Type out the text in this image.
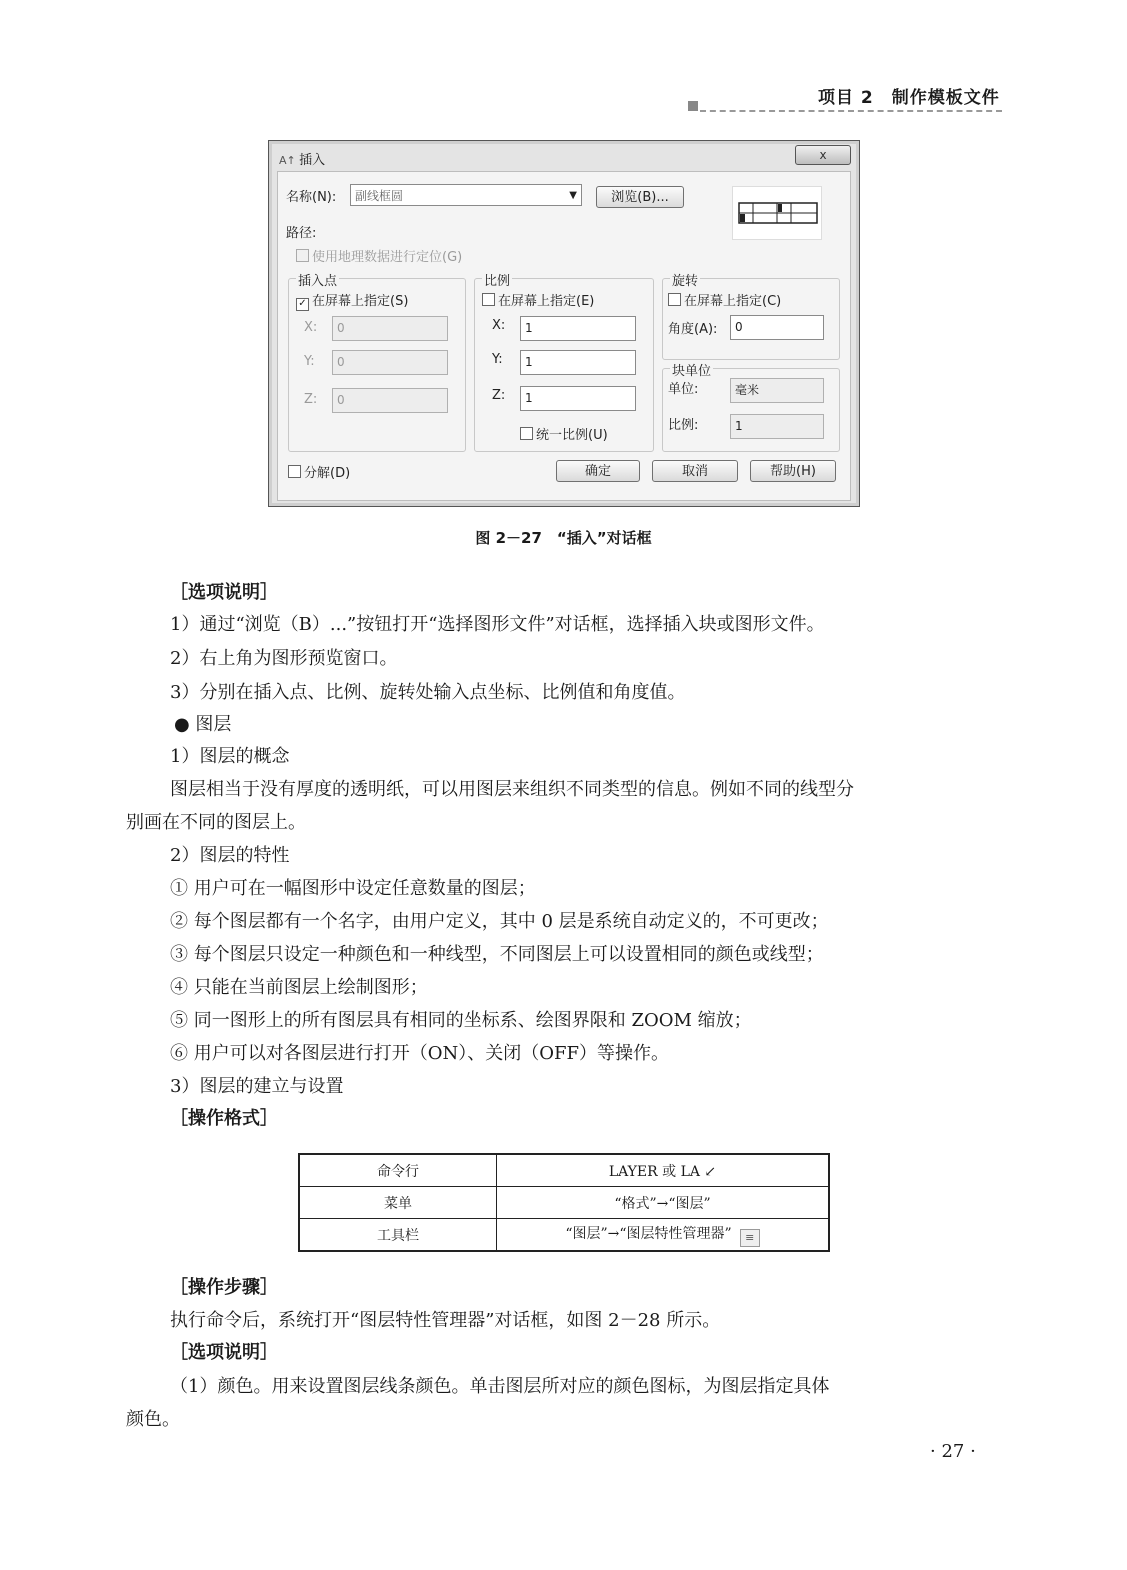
项目 2　制作模板文件
A↑ 插入	x
名称(N):	副线框圆	▼	浏览(B)...
路径:
使用地理数据进行定位(G)
插入点
✓ 在屏幕上指定(S)
X:	0
Y:	0
Z:	0
比例
在屏幕上指定(E)
X:	1
Y:	1
Z:	1
统一比例(U)
旋转
在屏幕上指定(C)
角度(A):	0
块单位
单位:	毫米
比例:	1
分解(D)	确定	取消	帮助(H)
图 2－27　“插入”对话框
［选项说明］
1）通过“浏览（B）...”按钮打开“选择图形文件”对话框，选择插入块或图形文件。
2）右上角为图形预览窗口。
3）分别在插入点、比例、旋转处输入点坐标、比例值和角度值。
● 图层
1）图层的概念
图层相当于没有厚度的透明纸，可以用图层来组织不同类型的信息。例如不同的线型分
别画在不同的图层上。
2）图层的特性
① 用户可在一幅图形中设定任意数量的图层；
② 每个图层都有一个名字，由用户定义，其中 0 层是系统自动定义的，不可更改；
③ 每个图层只设定一种颜色和一种线型，不同图层上可以设置相同的颜色或线型；
④ 只能在当前图层上绘制图形；
⑤ 同一图形上的所有图层具有相同的坐标系、绘图界限和 ZOOM 缩放；
⑥ 用户可以对各图层进行打开（ON）、关闭（OFF）等操作。
3）图层的建立与设置
［操作格式］
命令行	LAYER 或 LA ↙
菜单	“格式”→“图层”
工具栏	“图层”→“图层特性管理器” ≡
［操作步骤］
执行命令后，系统打开“图层特性管理器”对话框，如图 2－28 所示。
［选项说明］
（1）颜色。用来设置图层线条颜色。单击图层所对应的颜色图标，为图层指定具体
颜色。
· 27 ·
